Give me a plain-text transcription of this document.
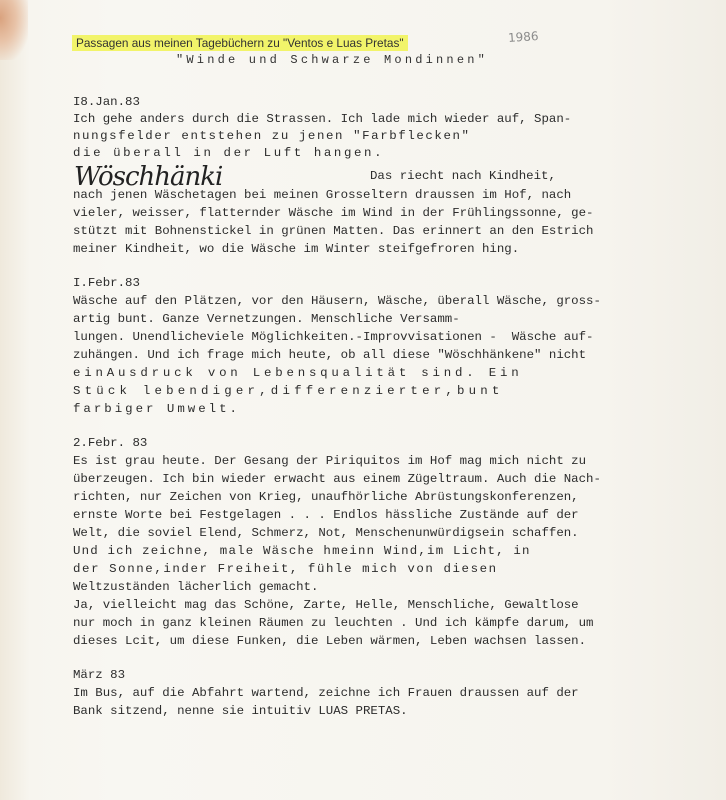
Passagen aus meinen Tagebüchern zu "Ventos e Luas Pretas"	1986
"Winde und Schwarze Mondinnen"
I8.Jan.83
Ich gehe anders durch die Strassen. Ich lade mich wieder auf, Span-
nungsfelder entstehen zu jenen "Farbflecken"
die überall in der Luft hangen.
Wöschhänki	Das riecht nach Kindheit,
nach jenen Wäschetagen bei meinen Grosseltern draussen im Hof, nach
vieler, weisser, flatternder Wäsche im Wind in der Frühlingssonne, ge-
stützt mit Bohnenstickel in grünen Matten. Das erinnert an den Estrich
meiner Kindheit, wo die Wäsche im Winter steifgefroren hing.
I.Febr.83
Wäsche auf den Plätzen, vor den Häusern, Wäsche, überall Wäsche, gross-
artig bunt. Ganze Vernetzungen. Menschliche Versamm-
lungen. Unendlicheviele Möglichkeiten.-Improvvisationen -  Wäsche auf-
zuhängen. Und ich frage mich heute, ob all diese "Wöschhänkene" nicht
einAusdruck von Lebensqualität sind. Ein
Stück lebendiger,differenzierter,bunt
farbiger Umwelt.
2.Febr. 83
Es ist grau heute. Der Gesang der Piriquitos im Hof mag mich nicht zu
überzeugen. Ich bin wieder erwacht aus einem Zügeltraum. Auch die Nach-
richten, nur Zeichen von Krieg, unaufhörliche Abrüstungskonferenzen,
ernste Worte bei Festgelagen . . . Endlos hässliche Zustände auf der
Welt, die soviel Elend, Schmerz, Not, Menschenunwürdigsein schaffen.
Und ich zeichne, male Wäsche hmeinn Wind,im Licht, in
der Sonne,inder Freiheit, fühle mich von diesen
Weltzuständen lächerlich gemacht.
Ja, vielleicht mag das Schöne, Zarte, Helle, Menschliche, Gewaltlose
nur moch in ganz kleinen Räumen zu leuchten . Und ich kämpfe darum, um
dieses Lcit, um diese Funken, die Leben wärmen, Leben wachsen lassen.
März 83
Im Bus, auf die Abfahrt wartend, zeichne ich Frauen draussen auf der
Bank sitzend, nenne sie intuitiv LUAS PRETAS.
